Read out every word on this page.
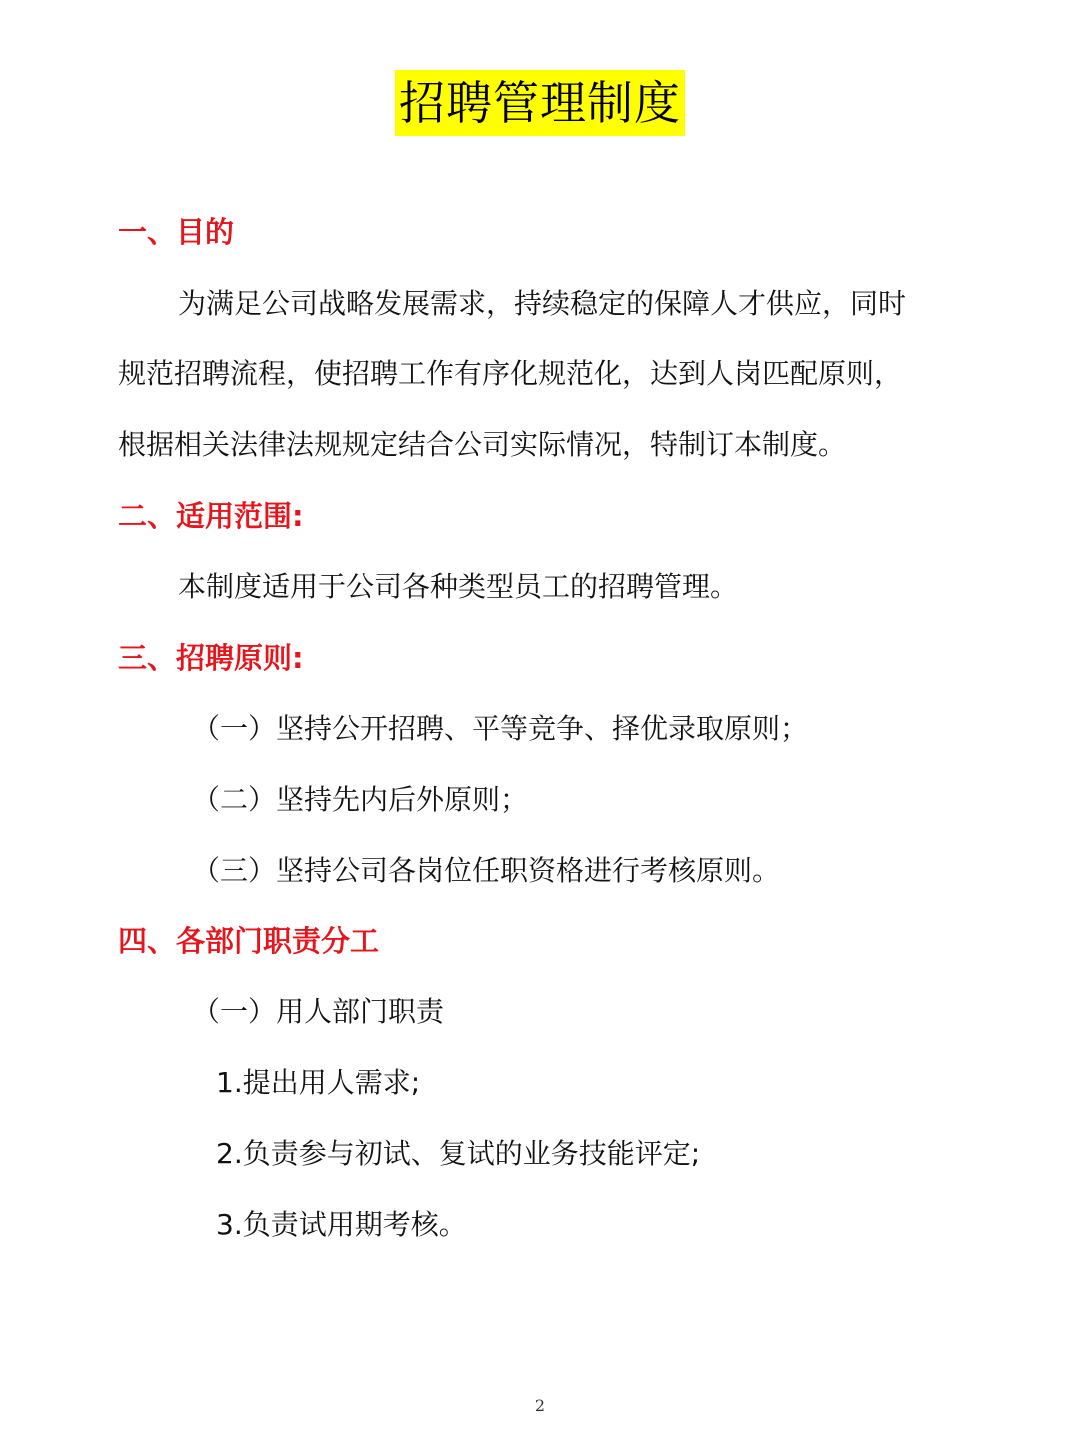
招聘管理制度
一、目的
为满足公司战略发展需求，持续稳定的保障人才供应，同时
规范招聘流程，使招聘工作有序化规范化，达到人岗匹配原则，
根据相关法律法规规定结合公司实际情况，特制订本制度。
二、适用范围:
本制度适用于公司各种类型员工的招聘管理。
三、招聘原则:
（一）坚持公开招聘、平等竞争、择优录取原则；
（二）坚持先内后外原则；
（三）坚持公司各岗位任职资格进行考核原则。
四、各部门职责分工
（一）用人部门职责
1.提出用人需求;
2.负责参与初试、复试的业务技能评定;
3.负责试用期考核。
2
